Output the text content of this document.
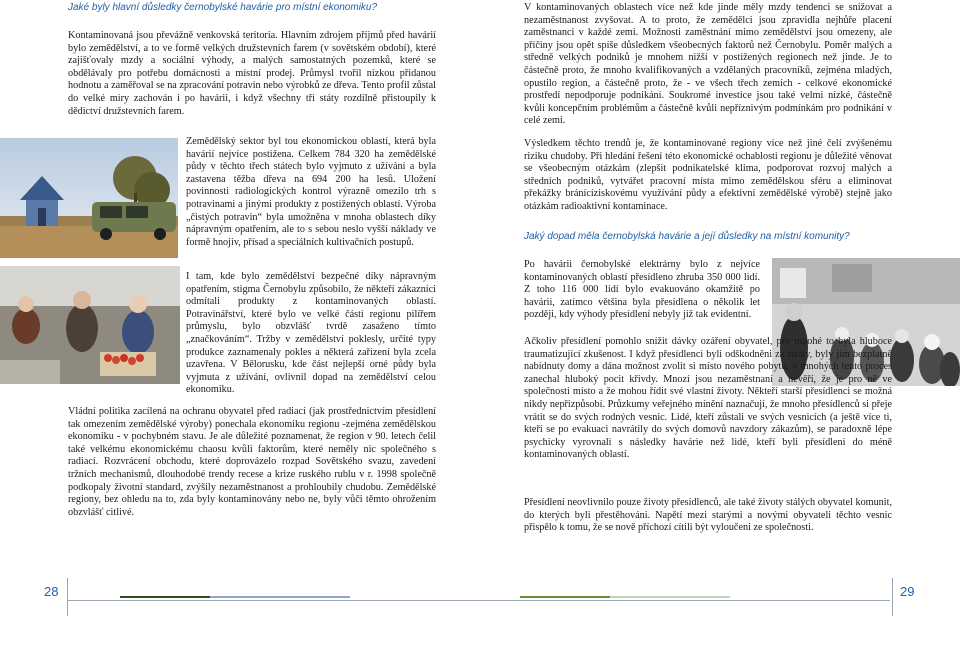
Jaké byly hlavní důsledky černobylské havárie pro místní ekonomiku?

Kontaminovaná jsou převážně venkovská teritoria. Hlavním zdrojem příjmů před havárií bylo zemědělství, a to ve formě velkých družstevních farem (v sovětském období), které zajišťovaly mzdy a sociální výhody, a malých samostatných pozemků, které se obdělávaly pro potřebu domácnosti a místní prodej. Průmysl tvořil nízkou přidanou hodnotu a zaměřoval se na zpracování potravin nebo výrobků ze dřeva. Tento profil zůstal do velké míry zachován i po havárii, i když všechny tři státy rozdílně přistoupily k dědictví družstevních farem.

Zemědělský sektor byl tou ekonomickou oblastí, která byla havárií nejvíce postižena. Celkem 784 320 ha zemědělské půdy v těchto třech státech bylo vyjmuto z užívání a byla zastavena těžba dřeva na 694 200 ha lesů. Uložení povinnosti radiologických kontrol výrazně omezilo trh s potravinami a jinými produkty z postižených oblastí. Výroba „čistých potravin“ byla umožněna v mnoha oblastech díky nápravným opatřením, ale to s sebou neslo vyšší náklady ve formě hnojiv, přísad a speciálních kultivačních postupů.

I tam, kde bylo zemědělství bezpečné díky nápravným opatřením, stigma Černobylu způsobilo, že někteří zákazníci odmítali produkty z kontaminovaných oblastí. Potravinářství, které bylo ve velké části regionu pilířem průmyslu, bylo obzvlášť tvrdě zasaženo tímto „značkováním“. Tržby v zemědělství poklesly, určité typy produkce zaznamenaly pokles a některá zařízení byla zcela uzavřena. V Bělorusku, kde část nejlepší orné půdy byla vyjmuta z užívání, ovlivnil dopad na zemědělství celou ekonomiku.

Vládní politika zacílená na ochranu obyvatel před radiací (jak prostřednictvím přesídlení tak omezením zemědělské výroby) ponechala ekonomiku regionu -zejména zemědělskou ekonomiku - v pochybném stavu. Je ale důležité poznamenat, že region v 90. letech čelil také velkému ekonomickému chaosu kvůli faktorům, které neměly nic společného s radiací. Rozvrácení obchodu, které doprovázelo rozpad Sovětského svazu, zavedení tržních mechanismů, dlouhodobé trendy recese a krize ruského rublu v r. 1998 společně podkopaly životní standard, zvýšily nezaměstnanost a prohloubily chudobu. Zemědělské regiony, bez ohledu na to, zda byly kontaminovány nebo ne, byly vůči těmto ohrožením obzvlášť citlivé.

28

V kontaminovaných oblastech více než kde jinde měly mzdy tendenci se snižovat a nezaměstnanost zvyšovat. A to proto, že zemědělci jsou zpravidla nejhůře placení zaměstnanci v každé zemi. Možnosti zaměstnání mimo zemědělství jsou omezeny, ale příčiny jsou opět spíše důsledkem všeobecných faktorů než Černobylu. Poměr malých a středně velkých podniků je mnohem nižší v postižených regionech než jinde. Je to částečně proto, že mnoho kvalifikovaných a vzdělaných pracovníků, zejména mladých, opustilo region, a částečně proto, že - ve všech třech zemích - celkové ekonomické prostředí nepodporuje podnikání. Soukromé investice jsou také velmi nízké, částečně kvůli koncepčním problémům a částečně kvůli nepříznivým podmínkám pro podnikání v celé zemi.

Výsledkem těchto trendů je, že kontaminované regiony více než jiné čelí zvýšenému riziku chudoby. Při hledání řešení této ekonomické ochablosti regionu je důležité věnovat se všeobecným otázkám (zlepšit podnikatelské klima, podporovat rozvoj malých a středních podniků, vytvářet pracovní místa mimo zemědělskou sféru a eliminovat překážky bránícíziskovému využívání půdy a efektivní zemědělské výrobě) stejně jako otázkám radioaktivní kontaminace.

Jaký dopad měla černobylská havárie a její důsledky na místní komunity?

Po havárii černobylské elektrárny bylo z nejvíce kontaminovaných oblastí přesídleno zhruba 350 000 lidí. Z toho 116 000 lidí bylo evakuováno okamžitě po havárii, zatímco většina byla přesídlena o několik let později, kdy výhody přesídlení nebyly již tak evidentní.

Ačkoliv přesídlení pomohlo snížit dávky ozáření obyvatel, pro mnohé to byla hluboce traumatizující zkušenost. I když přesídlenci byli odškodněni za ztráty, byly jim bezplatně nabídnuty domy a dána možnost zvolit si místo nového pobytu, v mnohých tento proces zanechal hluboký pocit křivdy. Mnozí jsou nezaměstnaní a nevěří, že je pro ně ve společnosti místo a že mohou řídit své vlastní životy. Někteří starší přesídlenci se možná nikdy nepřizpůsobí. Průzkumy veřejného mínění naznačují, že mnoho přesídlenců si přeje vrátit se do svých rodných vesnic. Lidé, kteří zůstali ve svých vesnicích (a ještě více ti, kteří se po evakuaci navrátily do svých domovů navzdory zákazům), se paradoxně lépe psychicky vyrovnali s následky havárie než lidé, kteří byli přesídleni do méně kontaminovaných oblastí.

Přesídlení neovlivnilo pouze životy přesídlenců, ale také životy stálých obyvatel komunit, do kterých byli přestěhováni. Napětí mezi starými a novými obyvateli těchto vesnic přispělo k tomu, že se nově příchozí cítili být vyloučeni ze společnosti.

29
